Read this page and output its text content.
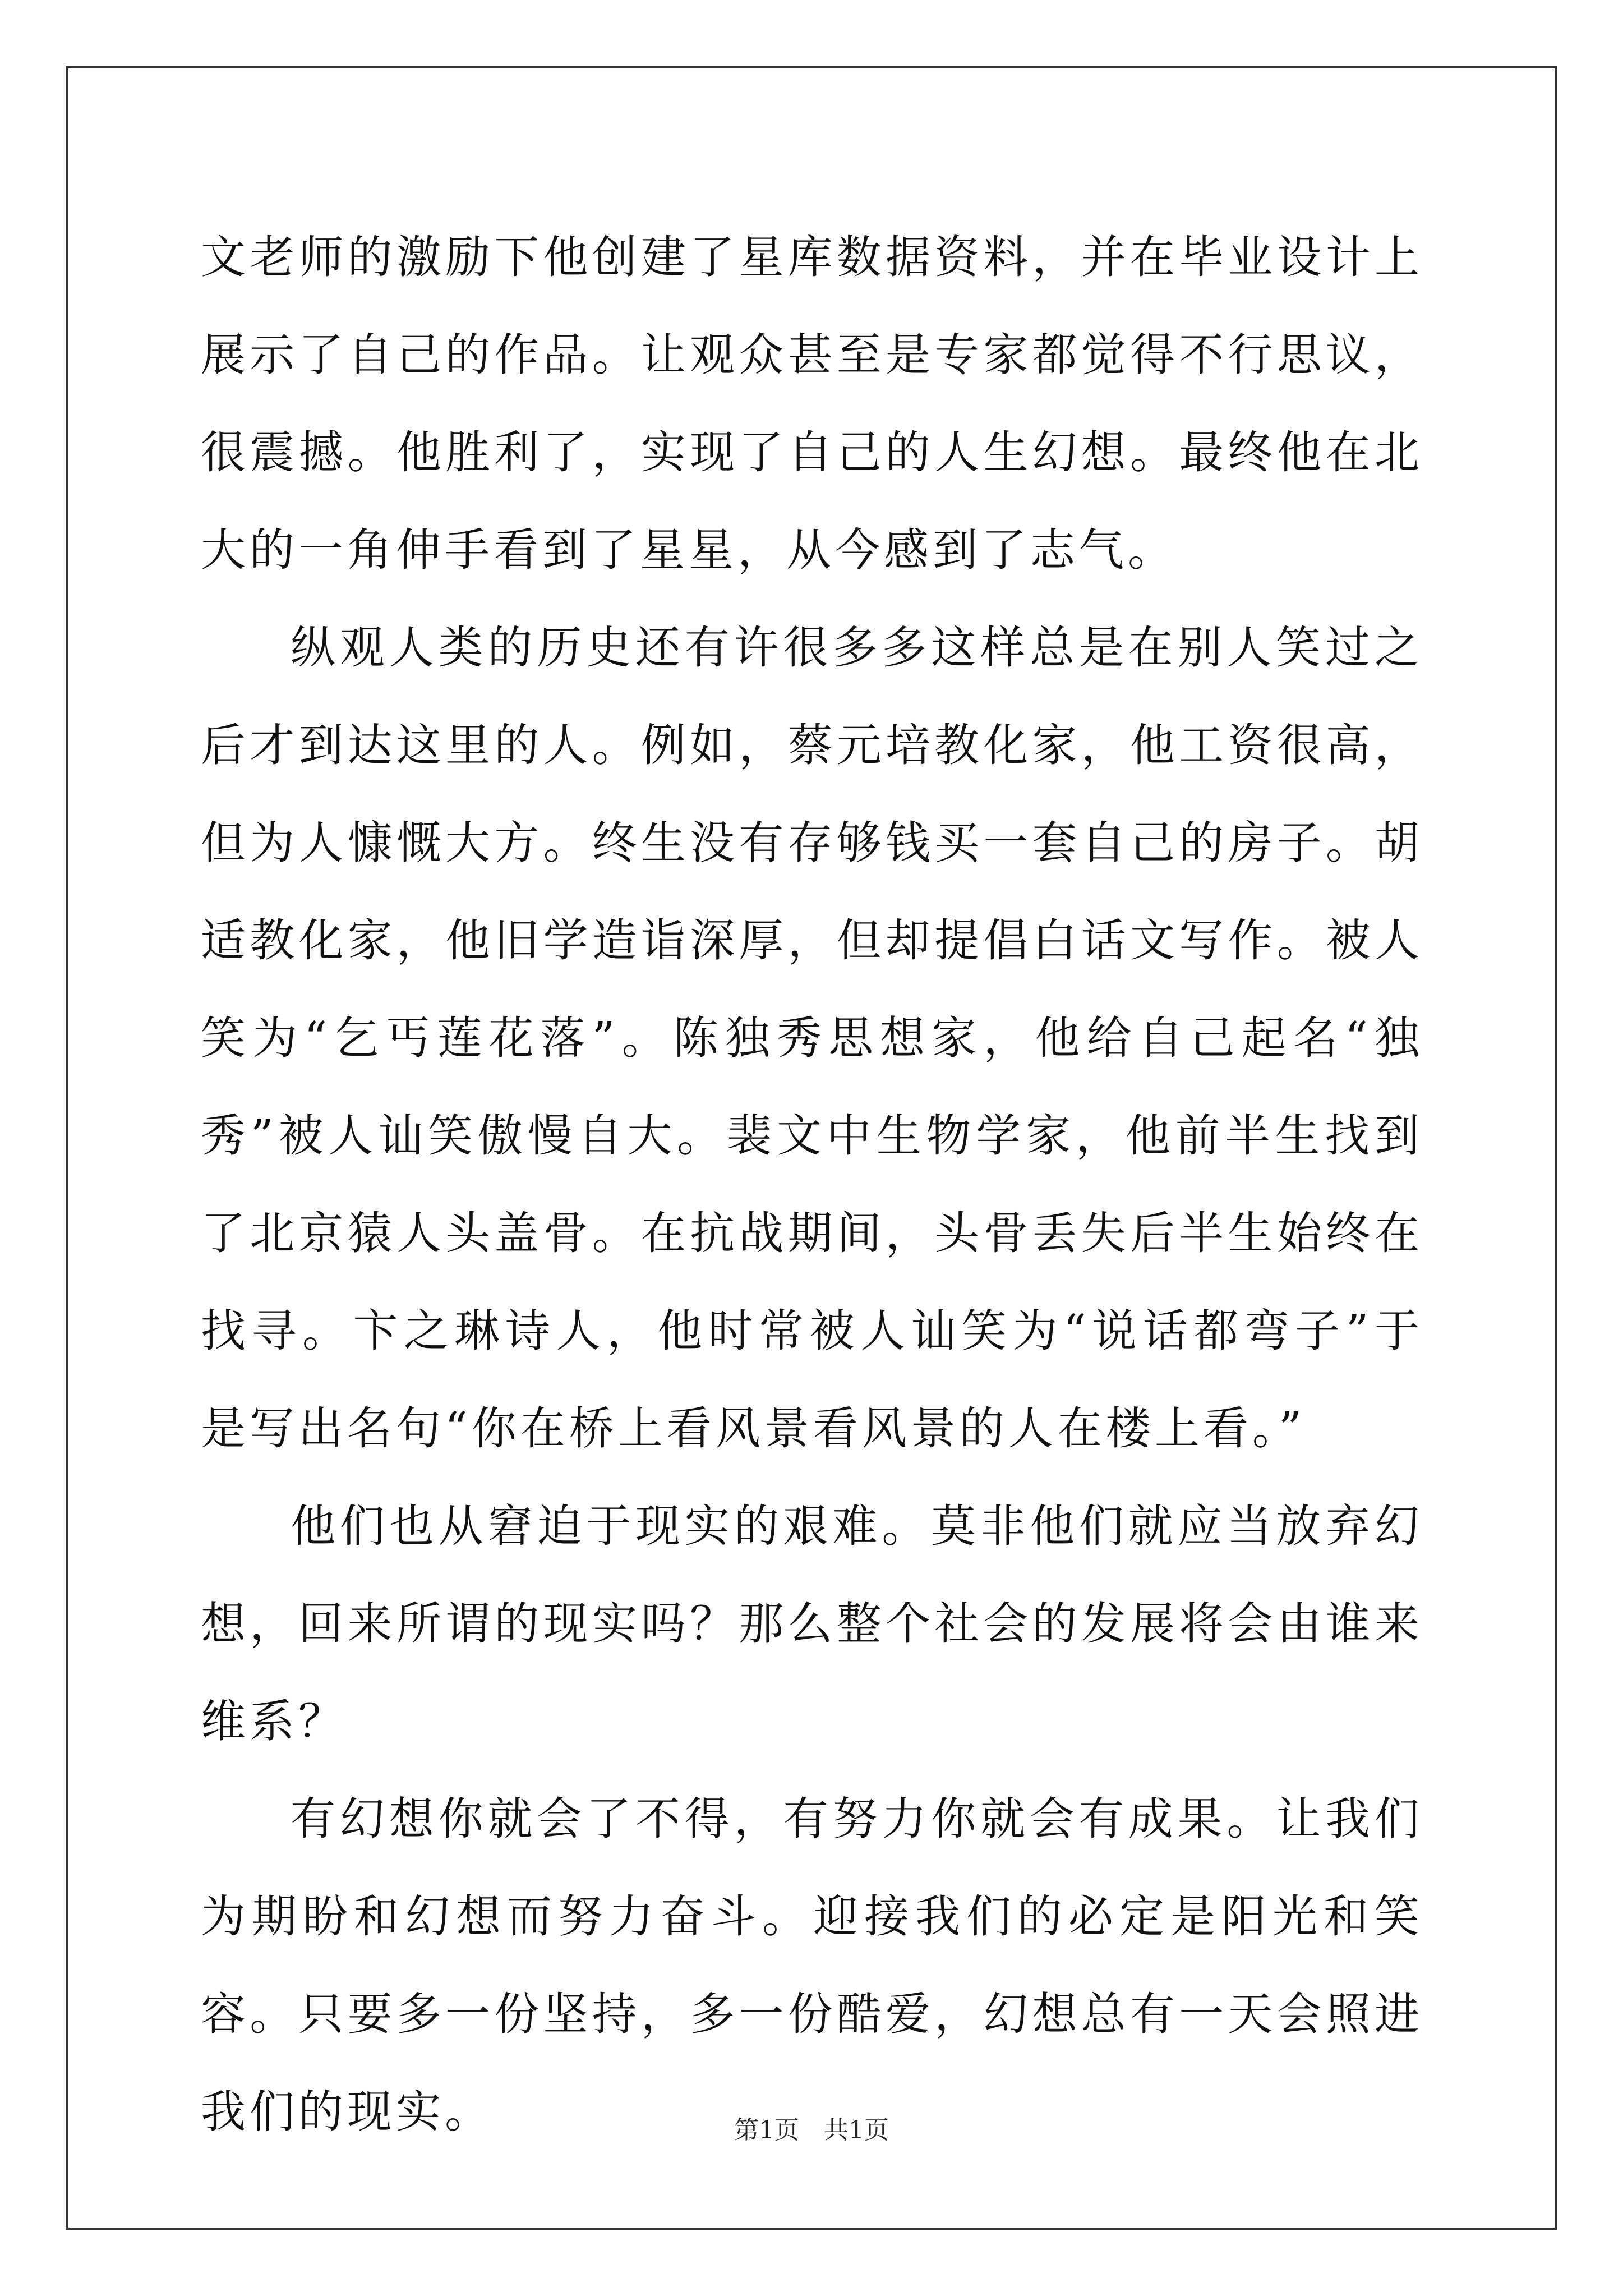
文老师的激励下他创建了星库数据资料，并在毕业设计上展示了自己的作品。让观众甚至是专家都觉得不行思议，很震撼。他胜利了，实现了自己的人生幻想。最终他在北大的一角伸手看到了星星，从今感到了志气。

纵观人类的历史还有许很多多这样总是在别人笑过之后才到达这里的人。例如，蔡元培教化家，他工资很高，但为人慷慨大方。终生没有存够钱买一套自己的房子。胡适教化家，他旧学造诣深厚，但却提倡白话文写作。被人笑为“乞丐莲花落”。陈独秀思想家，他给自己起名“独秀”被人讪笑傲慢自大。裴文中生物学家，他前半生找到了北京猿人头盖骨。在抗战期间，头骨丢失后半生始终在找寻。卞之琳诗人，他时常被人讪笑为“说话都弯子”于是写出名句“你在桥上看风景看风景的人在楼上看。”

他们也从窘迫于现实的艰难。莫非他们就应当放弃幻想，回来所谓的现实吗？那么整个社会的发展将会由谁来维系？

有幻想你就会了不得，有努力你就会有成果。让我们为期盼和幻想而努力奋斗。迎接我们的必定是阳光和笑容。只要多一份坚持，多一份酷爱，幻想总有一天会照进我们的现实。	第1页　共1页
